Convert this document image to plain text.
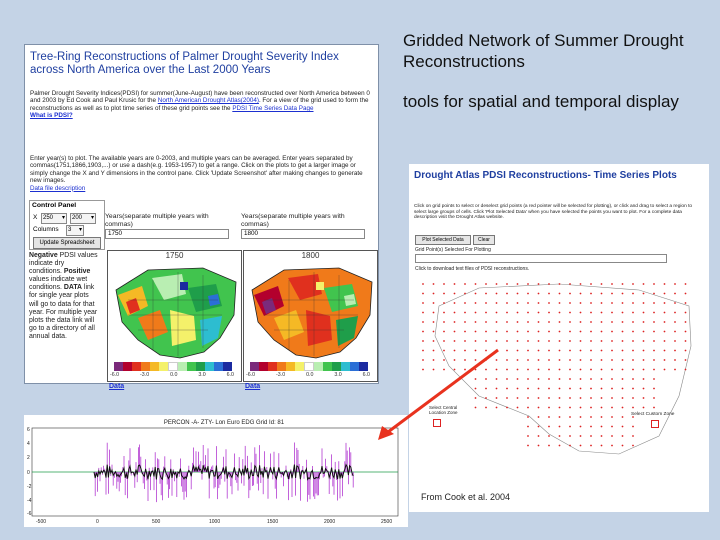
Gridded Network of Summer Drought Reconstructions
tools for spatial and temporal display
Tree-Ring Reconstructions of Palmer Drought Severity Index across North America over the Last 2000 Years
Palmer Drought Severity Indices(PDSI) for summer(June-August) have been reconstructed over North America between 0 and 2003 by Ed Cook and Paul Krusic for the North American Drought Atlas(2004). For a view of the grid used to form the reconstructions as well as to plot time series of these grid points see the PDSI Time Series Data Page
What is PDSI?
Enter year(s) to plot. The available years are 0-2003, and multiple years can be averaged. Enter years separated by commas(1751,1866,1903,...) or use a dash(e.g. 1953-1957) to get a range. Click on the plots to get a larger image or simply change the X and Y dimensions in the control pane. Click 'Update Screenshot' after making changes to generate new images.
Data file description
Control Panel
X 250 ▾	200 ▾
Columns	3 ▾
Update Spreadsheet
Years(separate multiple years with commas)
1750
Years(separate multiple years with commas)
1800
Negative PDSI values indicate dry conditions. Positive values indicate wet conditions. DATA link for single year plots will go to data for that year. For multiple year plots the data link will go to a directory of all annual data.
1750
-6.0	-3.0	0.0	3.0	6.0
Data
1800
-6.0	-3.0	0.0	3.0	6.0
Data
PERCON -A- ZTY- Lon Euro EDG Grid Id: 81
6
4
2
0
-2
-4
-6
-500	0	500	1000	1500	2000	2500
Drought Atlas PDSI Reconstructions- Time Series Plots
Click on grid points to select or deselect grid points (a red pointer will be selected for plotting), or click and drag to select a region to select large groups of cells. Click 'Plot Selected Data' when you have selected the points you want to plot. For a complete data description visit the Drought Atlas website.
Plot Selected Data	Clear
Grid Point(s) Selected For Plotting
Click to download text files of PDSI reconstructions.
Select Central Location Zone	Select Custom Zone
From Cook et al. 2004
